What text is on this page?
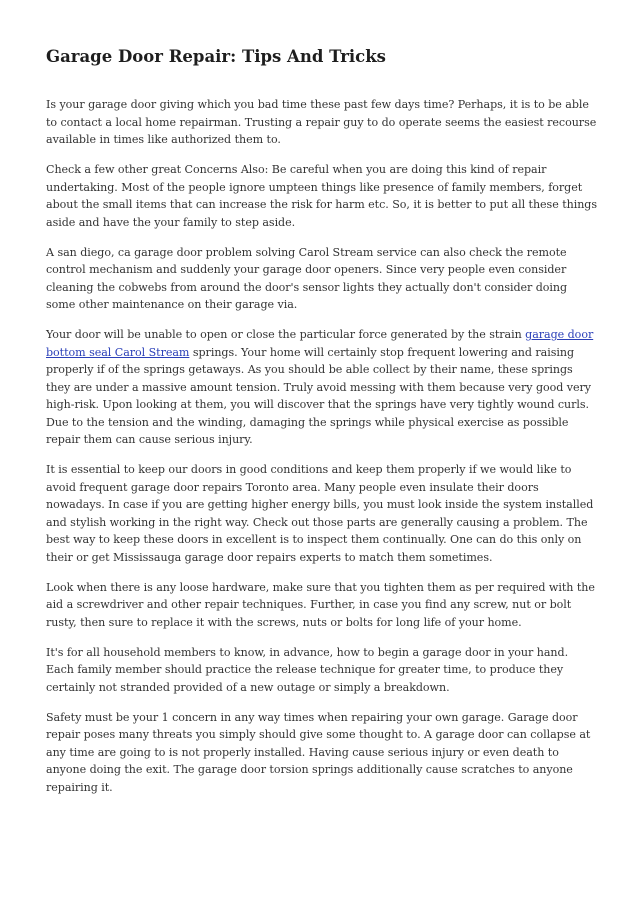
Garage Door Repair: Tips And Tricks

Is your garage door giving which you bad time these past few days time? Perhaps, it is to be able to contact a local home repairman. Trusting a repair guy to do operate seems the easiest recourse available in times like authorized them to.

Check a few other great Concerns Also: Be careful when you are doing this kind of repair undertaking. Most of the people ignore umpteen things like presence of family members, forget about the small items that can increase the risk for harm etc. So, it is better to put all these things aside and have the your family to step aside.

A san diego, ca garage door problem solving Carol Stream service can also check the remote control mechanism and suddenly your garage door openers. Since very people even consider cleaning the cobwebs from around the door's sensor lights they actually don't consider doing some other maintenance on their garage via.

Your door will be unable to open or close the particular force generated by the strain garage door bottom seal Carol Stream springs. Your home will certainly stop frequent lowering and raising properly if of the springs getaways. As you should be able collect by their name, these springs they are under a massive amount tension. Truly avoid messing with them because very good very high-risk. Upon looking at them, you will discover that the springs have very tightly wound curls. Due to the tension and the winding, damaging the springs while physical exercise as possible repair them can cause serious injury.

It is essential to keep our doors in good conditions and keep them properly if we would like to avoid frequent garage door repairs Toronto area. Many people even insulate their doors nowadays. In case if you are getting higher energy bills, you must look inside the system installed and stylish working in the right way. Check out those parts are generally causing a problem. The best way to keep these doors in excellent is to inspect them continually. One can do this only on their or get Mississauga garage door repairs experts to match them sometimes.

Look when there is any loose hardware, make sure that you tighten them as per required with the aid a screwdriver and other repair techniques. Further, in case you find any screw, nut or bolt rusty, then sure to replace it with the screws, nuts or bolts for long life of your home.

It's for all household members to know, in advance, how to begin a garage door in your hand. Each family member should practice the release technique for greater time, to produce they certainly not stranded provided of a new outage or simply a breakdown.

Safety must be your 1 concern in any way times when repairing your own garage. Garage door repair poses many threats you simply should give some thought to. A garage door can collapse at any time are going to is not properly installed. Having cause serious injury or even death to anyone doing the exit. The garage door torsion springs additionally cause scratches to anyone repairing it.
